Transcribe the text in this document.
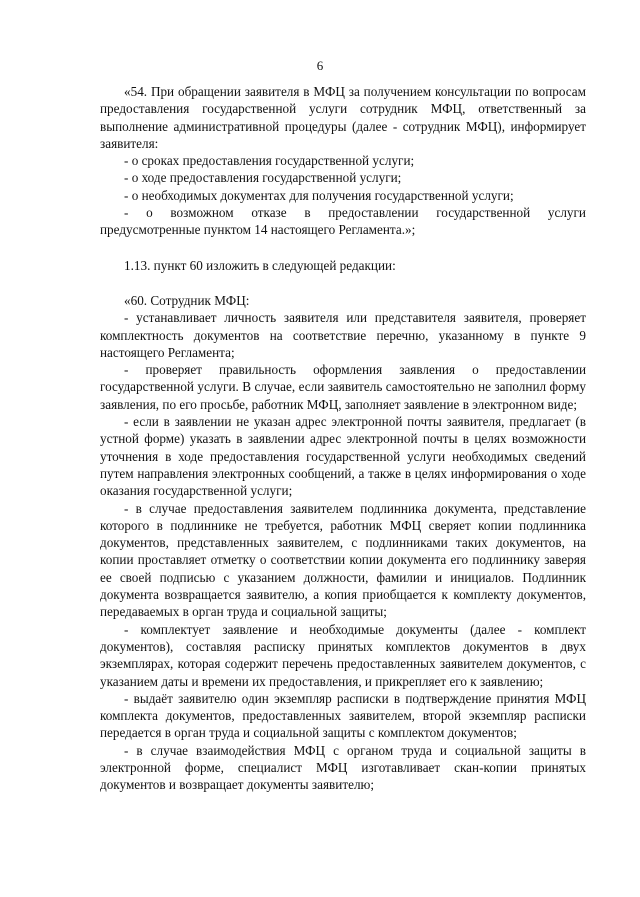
6

«54. При обращении заявителя в МФЦ за получением консультации по вопросам предоставления государственной услуги сотрудник МФЦ, ответственный за выполнение административной процедуры (далее - сотрудник МФЦ), информирует заявителя:

- о сроках предоставления государственной услуги;

- о ходе предоставления государственной услуги;

- о необходимых документах для получения государственной услуги;

- о возможном отказе в предоставлении государственной услуги предусмотренные пунктом 14 настоящего Регламента.»;

1.13. пункт 60 изложить в следующей редакции:

«60. Сотрудник МФЦ:

- устанавливает личность заявителя или представителя заявителя, проверяет комплектность документов на соответствие перечню, указанному в пункте 9 настоящего Регламента;

- проверяет правильность оформления заявления о предоставлении государственной услуги. В случае, если заявитель самостоятельно не заполнил форму заявления, по его просьбе, работник МФЦ, заполняет заявление в электронном виде;

- если в заявлении не указан адрес электронной почты заявителя, предлагает (в устной форме) указать в заявлении адрес электронной почты в целях возможности уточнения в ходе предоставления государственной услуги необходимых сведений путем направления электронных сообщений, а также в целях информирования о ходе оказания государственной услуги;

- в случае предоставления заявителем подлинника документа, представление которого в подлиннике не требуется, работник МФЦ сверяет копии подлинника документов, представленных заявителем, с подлинниками таких документов, на копии проставляет отметку о соответствии копии документа его подлиннику заверяя ее своей подписью с указанием должности, фамилии и инициалов. Подлинник документа возвращается заявителю, а копия приобщается к комплекту документов, передаваемых в орган труда и социальной защиты;

- комплектует заявление и необходимые документы (далее - комплект документов), составляя расписку принятых комплектов документов в двух экземплярах, которая содержит перечень предоставленных заявителем документов, с указанием даты и времени их предоставления, и прикрепляет его к заявлению;

- выдаёт заявителю один экземпляр расписки в подтверждение принятия МФЦ комплекта документов, предоставленных заявителем, второй экземпляр расписки передается в орган труда и социальной защиты с комплектом документов;

- в случае взаимодействия МФЦ с органом труда и социальной защиты в электронной форме, специалист МФЦ изготавливает скан-копии принятых документов и возвращает документы заявителю;
